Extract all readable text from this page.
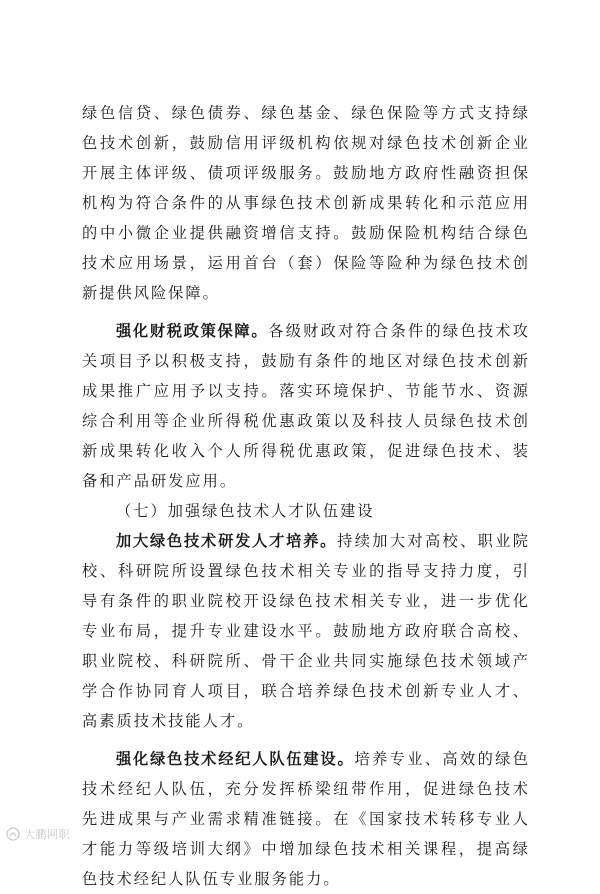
绿色信贷、绿色债券、绿色基金、绿色保险等方式支持绿色技术创新，鼓励信用评级机构依规对绿色技术创新企业开展主体评级、债项评级服务。鼓励地方政府性融资担保机构为符合条件的从事绿色技术创新成果转化和示范应用的中小微企业提供融资增信支持。鼓励保险机构结合绿色技术应用场景，运用首台（套）保险等险种为绿色技术创新提供风险保障。

强化财税政策保障。各级财政对符合条件的绿色技术攻关项目予以积极支持，鼓励有条件的地区对绿色技术创新成果推广应用予以支持。落实环境保护、节能节水、资源综合利用等企业所得税优惠政策以及科技人员绿色技术创新成果转化收入个人所得税优惠政策，促进绿色技术、装备和产品研发应用。

（七）加强绿色技术人才队伍建设

加大绿色技术研发人才培养。持续加大对高校、职业院校、科研院所设置绿色技术相关专业的指导支持力度，引导有条件的职业院校开设绿色技术相关专业，进一步优化专业布局，提升专业建设水平。鼓励地方政府联合高校、职业院校、科研院所、骨干企业共同实施绿色技术领域产学合作协同育人项目，联合培养绿色技术创新专业人才、高素质技术技能人才。

强化绿色技术经纪人队伍建设。培养专业、高效的绿色技术经纪人队伍，充分发挥桥梁纽带作用，促进绿色技术先进成果与产业需求精准链接。在《国家技术转移专业人才能力等级培训大纲》中增加绿色技术相关课程，提高绿色技术经纪人队伍专业服务能力。

大鹏网职
